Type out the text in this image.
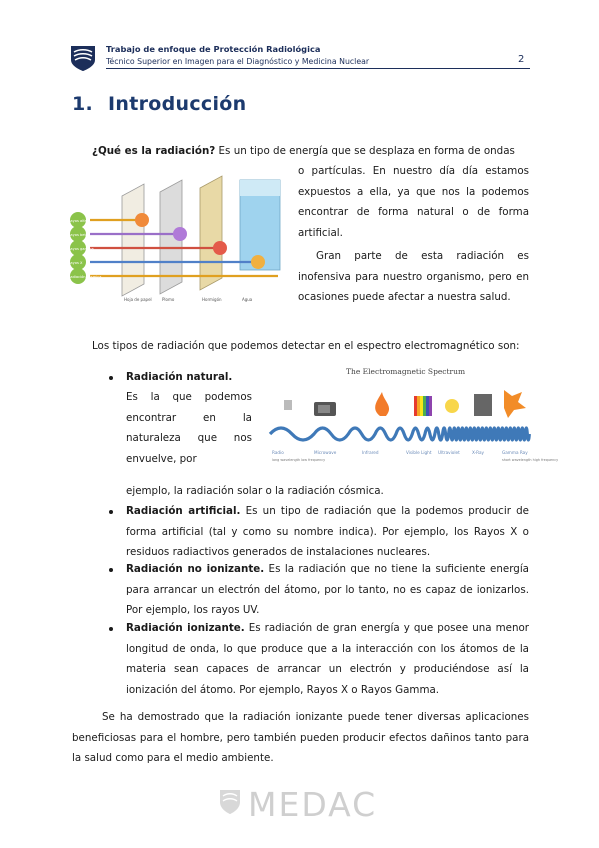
Trabajo de enfoque de Protección Radiológica
Técnico Superior en Imagen para el Diagnóstico y Medicina Nuclear	2
1. Introducción
¿Qué es la radiación? Es un tipo de energía que se desplaza en forma de ondas
o partículas. En nuestro día día estamos expuestos a ella, ya que nos la podemos encontrar de forma natural o de forma artificial.
Gran parte de esta radiación es inofensiva para nuestro organismo, pero en ocasiones puede afectar a nuestra salud.
Rayos alfa
Rayos beta
Rayos gamma
Rayos X
Radiación cósmica
Hoja de papel	Plomo	Hormigón	Agua
Los tipos de radiación que podemos detectar en el espectro electromagnético son:
The Electromagnetic Spectrum
Radio
long wavelength low frequency
Microwave	Infrared	Visible Light Ultraviolet	X-Ray	Gamma Ray
short wavelength high frequency
Radiación natural.
Es la que podemos encontrar en la naturaleza que nos envuelve, por
ejemplo, la radiación solar o la radiación cósmica.
Radiación artificial. Es un tipo de radiación que la podemos producir de forma artificial (tal y como su nombre indica). Por ejemplo, los Rayos X o residuos radiactivos generados de instalaciones nucleares.
Radiación no ionizante. Es la radiación que no tiene la suficiente energía para arrancar un electrón del átomo, por lo tanto, no es capaz de ionizarlos. Por ejemplo, los rayos UV.
Radiación ionizante. Es radiación de gran energía y que posee una menor longitud de onda, lo que produce que a la interacción con los átomos de la materia sean capaces de arrancar un electrón y produciéndose así la ionización del átomo. Por ejemplo, Rayos X o Rayos Gamma.
Se ha demostrado que la radiación ionizante puede tener diversas aplicaciones beneficiosas para el hombre, pero también pueden producir efectos dañinos tanto para la salud como para el medio ambiente.
MEDAC
